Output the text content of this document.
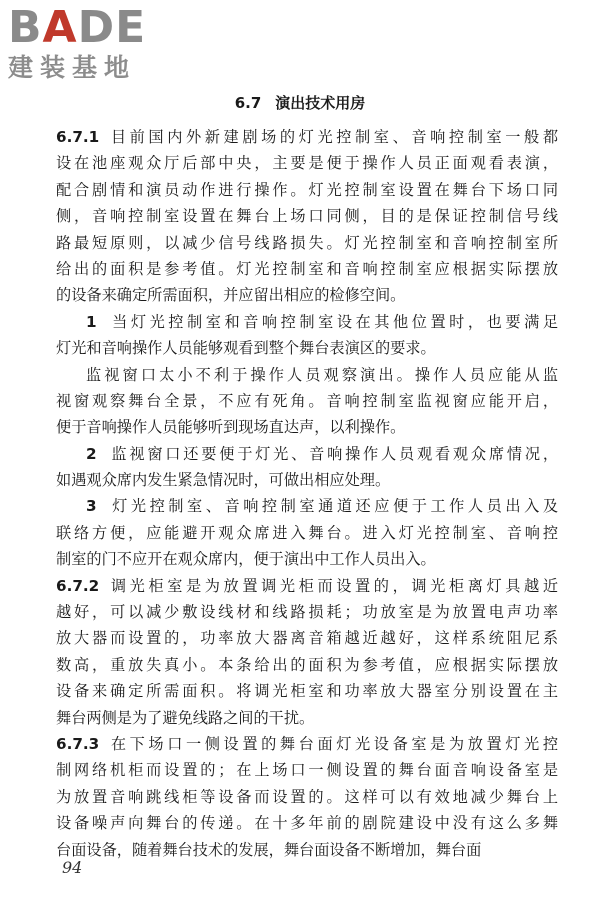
BADE
建装基地
6.7 演出技术用房
6.7.1 目前国内外新建剧场的灯光控制室、音响控制室一般都
设在池座观众厅后部中央，主要是便于操作人员正面观看表演，
配合剧情和演员动作进行操作。灯光控制室设置在舞台下场口同
侧，音响控制室设置在舞台上场口同侧，目的是保证控制信号线
路最短原则，以减少信号线路损失。灯光控制室和音响控制室所
给出的面积是参考值。灯光控制室和音响控制室应根据实际摆放
的设备来确定所需面积，并应留出相应的检修空间。
1 当灯光控制室和音响控制室设在其他位置时，也要满足
灯光和音响操作人员能够观看到整个舞台表演区的要求。
监视窗口太小不利于操作人员观察演出。操作人员应能从监
视窗观察舞台全景，不应有死角。音响控制室监视窗应能开启，
便于音响操作人员能够听到现场直达声，以利操作。
2 监视窗口还要便于灯光、音响操作人员观看观众席情况，
如遇观众席内发生紧急情况时，可做出相应处理。
3 灯光控制室、音响控制室通道还应便于工作人员出入及
联络方便，应能避开观众席进入舞台。进入灯光控制室、音响控
制室的门不应开在观众席内，便于演出中工作人员出入。
6.7.2 调光柜室是为放置调光柜而设置的，调光柜离灯具越近
越好，可以减少敷设线材和线路损耗；功放室是为放置电声功率
放大器而设置的，功率放大器离音箱越近越好，这样系统阻尼系
数高，重放失真小。本条给出的面积为参考值，应根据实际摆放
设备来确定所需面积。将调光柜室和功率放大器室分别设置在主
舞台两侧是为了避免线路之间的干扰。
6.7.3 在下场口一侧设置的舞台面灯光设备室是为放置灯光控
制网络机柜而设置的；在上场口一侧设置的舞台面音响设备室是
为放置音响跳线柜等设备而设置的。这样可以有效地减少舞台上
设备噪声向舞台的传递。在十多年前的剧院建设中没有这么多舞
台面设备，随着舞台技术的发展，舞台面设备不断增加，舞台面
94
